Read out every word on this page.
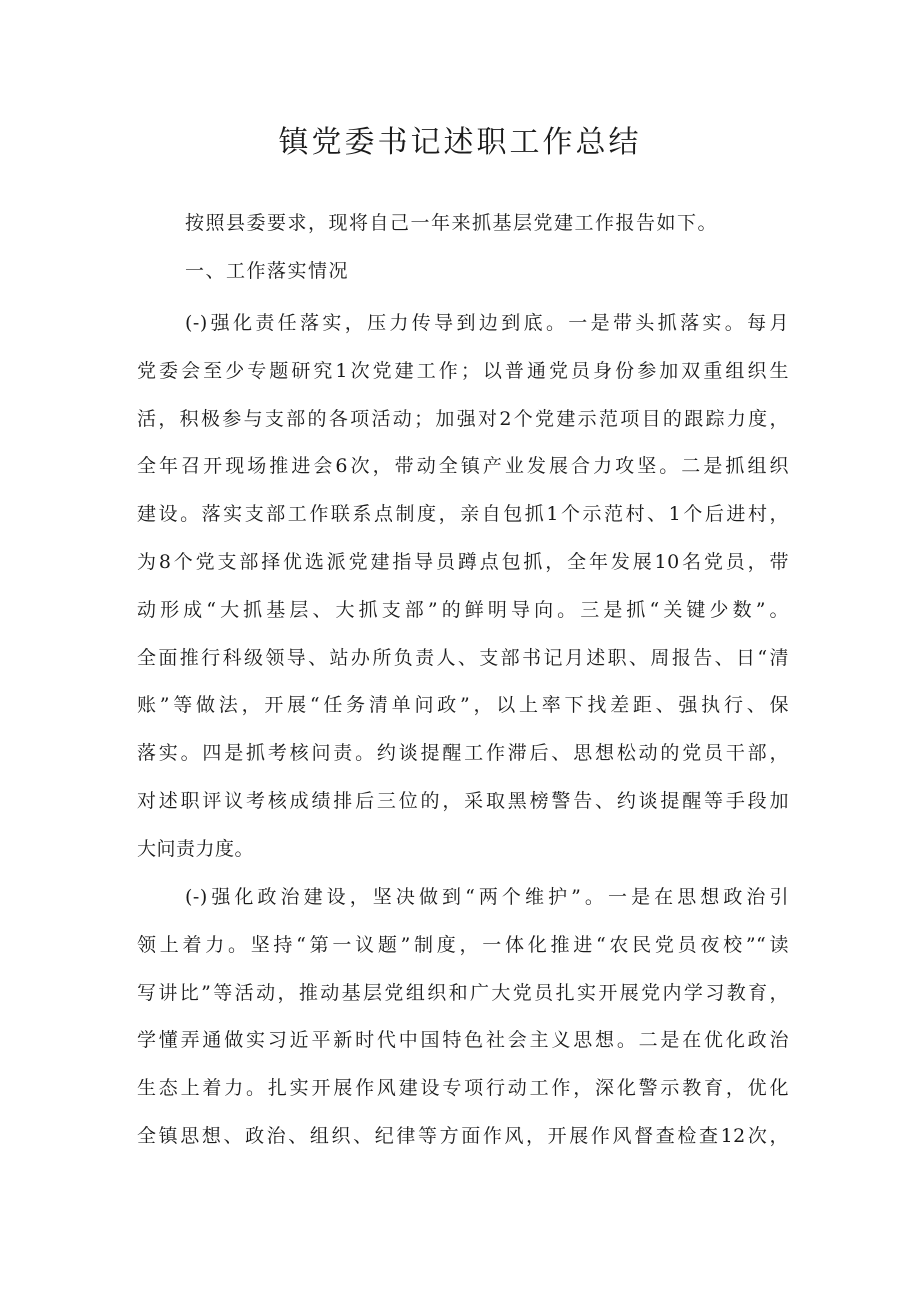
镇党委书记述职工作总结

按照县委要求，现将自己一年来抓基层党建工作报告如下。

一、工作落实情况

(-)强化责任落实，压力传导到边到底。一是带头抓落实。每月
党委会至少专题研究1次党建工作；以普通党员身份参加双重组织生
活，积极参与支部的各项活动；加强对2个党建示范项目的跟踪力度，
全年召开现场推进会6次，带动全镇产业发展合力攻坚。二是抓组织
建设。落实支部工作联系点制度，亲自包抓1个示范村、1个后进村，
为8个党支部择优选派党建指导员蹲点包抓，全年发展10名党员，带
动形成“大抓基层、大抓支部”的鲜明导向。三是抓“关键少数”。
全面推行科级领导、站办所负责人、支部书记月述职、周报告、日“清
账”等做法，开展“任务清单问政”，以上率下找差距、强执行、保
落实。四是抓考核问责。约谈提醒工作滞后、思想松动的党员干部，
对述职评议考核成绩排后三位的，采取黑榜警告、约谈提醒等手段加
大问责力度。
(-)强化政治建设，坚决做到“两个维护”。一是在思想政治引
领上着力。坚持“第一议题”制度，一体化推进“农民党员夜校”“读
写讲比”等活动，推动基层党组织和广大党员扎实开展党内学习教育，
学懂弄通做实习近平新时代中国特色社会主义思想。二是在优化政治
生态上着力。扎实开展作风建设专项行动工作，深化警示教育，优化
全镇思想、政治、组织、纪律等方面作风，开展作风督查检查12次，
